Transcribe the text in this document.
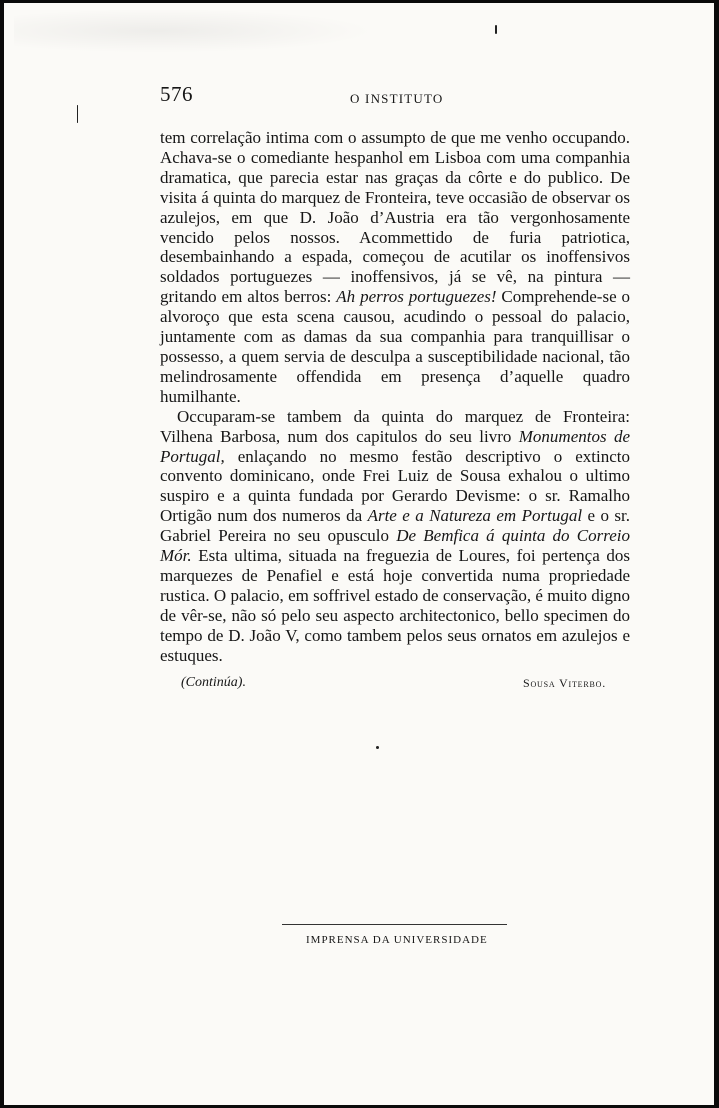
576	O INSTITUTO

tem correlação intima com o assumpto de que me venho occupando. Achava-se o comediante hespanhol em Lisboa com uma companhia dramatica, que parecia estar nas graças da côrte e do publico. De visita á quinta do marquez de Fronteira, teve occasião de observar os azulejos, em que D. João d’Austria era tão vergonhosamente vencido pelos nossos. Acommettido de furia patriotica, desembainhando a espada, começou de acutilar os inoffensivos soldados portuguezes — inoffensivos, já se vê, na pintura — gritando em altos berros: Ah perros portuguezes! Comprehende-se o alvoroço que esta scena causou, acudindo o pessoal do palacio, juntamente com as damas da sua companhia para tranquillisar o possesso, a quem servia de desculpa a susceptibilidade nacional, tão melindrosamente offendida em presença d’aquelle quadro humilhante.

Occuparam-se tambem da quinta do marquez de Fronteira: Vilhena Barbosa, num dos capitulos do seu livro Monumentos de Portugal, enlaçando no mesmo festão descriptivo o extincto convento dominicano, onde Frei Luiz de Sousa exhalou o ultimo suspiro e a quinta fundada por Gerardo Devisme: o sr. Ramalho Ortigão num dos numeros da Arte e a Natureza em Portugal e o sr. Gabriel Pereira no seu opusculo De Bemfica á quinta do Correio Mór. Esta ultima, situada na freguezia de Loures, foi pertença dos marquezes de Penafiel e está hoje convertida numa propriedade rustica. O palacio, em soffrivel estado de conservação, é muito digno de vêr-se, não só pelo seu aspecto architectonico, bello specimen do tempo de D. João V, como tambem pelos seus ornatos em azulejos e estuques.

(Continúa).	Sousa Viterbo.
IMPRENSA DA UNIVERSIDADE
